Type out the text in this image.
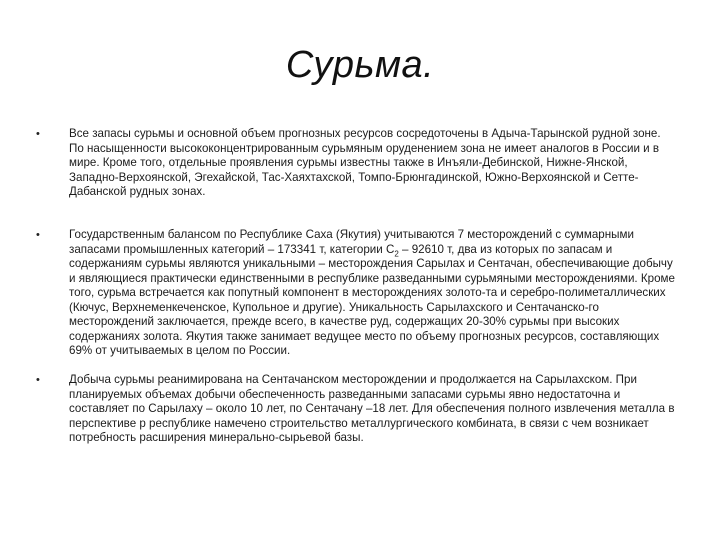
Сурьма.
•	Все запасы сурьмы и основной объем прогнозных ресурсов сосредоточены в Адыча-Тарынской рудной зоне. По насыщенности высококонцентрированным сурьмяным оруденением зона не имеет аналогов в России и в мире. Кроме того, отдельные проявления сурьмы известны также в Инъяли-Дебинской, Нижне-Янской, Западно-Верхоянской, Эгехайской, Тас-Хаяхтахской, Томпо-Брюнгадинской, Южно-Верхоянской и Сетте-Дабанской рудных зонах.
•	Государственным балансом по Республике Саха (Якутия) учитываются 7 месторождений с суммарными запасами промышленных категорий – 173341 т, категории $C_2 - 92610$ т, два из которых по запасам и содержаниям сурьмы являются уникальными – месторождения Сарылах и Сентачан, обеспечивающие добычу и являющиеся практически единственными в республике разведанными сурьмяными месторождениями. Кроме того, сурьма встречается как попутный компонент в месторождениях золото-та и серебро-полиметаллических (Кючус, Верхнеменкеченское, Купольное и другие). Уникальность Сарылахского и Сентачанско-го месторождений заключается, прежде всего, в качестве руд, содержащих 20-30% сурьмы при высоких содержаниях золота. Якутия также занимает ведущее место по объему прогнозных ресурсов, составляющих 69% от учитываемых в целом по России.
•	Добыча сурьмы реанимирована на Сентачанском месторождении и продолжается на Сарылахском. При планируемых объемах добычи обеспеченность разведанными запасами сурьмы явно недостаточна и составляет по Сарылаху – около 10 лет, по Сентачану –18 лет. Для обеспечения полного извлечения металла в перспективе р республике намечено строительство металлургического комбината, в связи с чем возникает потребность расширения минерально-сырьевой базы.
